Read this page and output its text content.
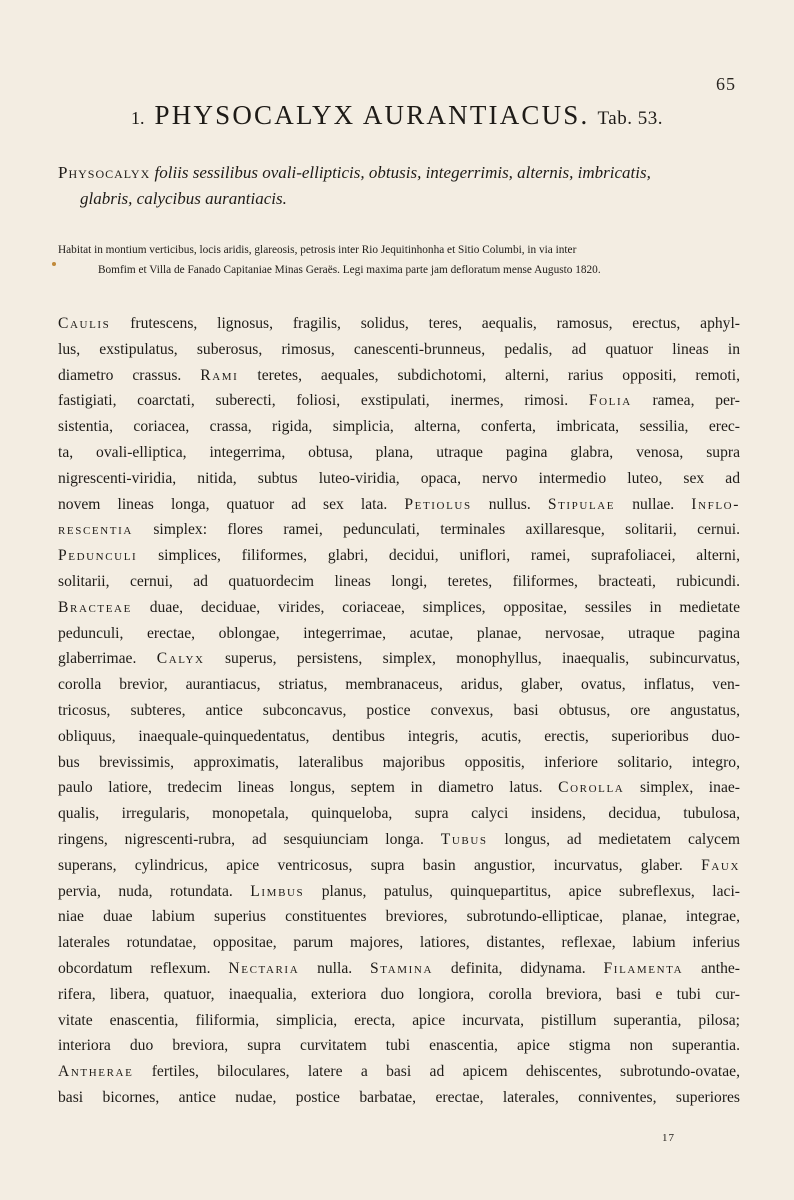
65
1. PHYSOCALYX AURANTIACUS. Tab. 53.
Physocalyx foliis sessilibus ovali-ellipticis, obtusis, integerrimis, alternis, imbricatis,
glabris, calycibus aurantiacis.
Habitat in montium verticibus, locis aridis, glareosis, petrosis inter Rio Jequitinhonha et Sitio Columbi, in via inter
Bomfim et Villa de Fanado Capitaniae Minas Geraës. Legi maxima parte jam defloratum mense Augusto 1820.
Caulis frutescens, lignosus, fragilis, solidus, teres, aequalis, ramosus, erectus, aphyl-
lus, exstipulatus, suberosus, rimosus, canescenti-brunneus, pedalis, ad quatuor lineas in
diametro crassus. Rami teretes, aequales, subdichotomi, alterni, rarius oppositi, remoti,
fastigiati, coarctati, suberecti, foliosi, exstipulati, inermes, rimosi. Folia ramea, per-
sistentia, coriacea, crassa, rigida, simplicia, alterna, conferta, imbricata, sessilia, erec-
ta, ovali-elliptica, integerrima, obtusa, plana, utraque pagina glabra, venosa, supra
nigrescenti-viridia, nitida, subtus luteo-viridia, opaca, nervo intermedio luteo, sex ad
novem lineas longa, quatuor ad sex lata. Petiolus nullus. Stipulae nullae. Inflo-
rescentia simplex: flores ramei, pedunculati, terminales axillaresque, solitarii, cernui.
Pedunculi simplices, filiformes, glabri, decidui, uniflori, ramei, suprafoliacei, alterni,
solitarii, cernui, ad quatuordecim lineas longi, teretes, filiformes, bracteati, rubicundi.
Bracteae duae, deciduae, virides, coriaceae, simplices, oppositae, sessiles in medietate
pedunculi, erectae, oblongae, integerrimae, acutae, planae, nervosae, utraque pagina
glaberrimae. Calyx superus, persistens, simplex, monophyllus, inaequalis, subincurvatus,
corolla brevior, aurantiacus, striatus, membranaceus, aridus, glaber, ovatus, inflatus, ven-
tricosus, subteres, antice subconcavus, postice convexus, basi obtusus, ore angustatus,
obliquus, inaequale-quinquedentatus, dentibus integris, acutis, erectis, superioribus duo-
bus brevissimis, approximatis, lateralibus majoribus oppositis, inferiore solitario, integro,
paulo latiore, tredecim lineas longus, septem in diametro latus. Corolla simplex, inae-
qualis, irregularis, monopetala, quinqueloba, supra calyci insidens, decidua, tubulosa,
ringens, nigrescenti-rubra, ad sesquiunciam longa. Tubus longus, ad medietatem calycem
superans, cylindricus, apice ventricosus, supra basin angustior, incurvatus, glaber. Faux
pervia, nuda, rotundata. Limbus planus, patulus, quinquepartitus, apice subreflexus, laci-
niae duae labium superius constituentes breviores, subrotundo-ellipticae, planae, integrae,
laterales rotundatae, oppositae, parum majores, latiores, distantes, reflexae, labium inferius
obcordatum reflexum. Nectaria nulla. Stamina definita, didynama. Filamenta anthe-
rifera, libera, quatuor, inaequalia, exteriora duo longiora, corolla breviora, basi e tubi cur-
vitate enascentia, filiformia, simplicia, erecta, apice incurvata, pistillum superantia, pilosa;
interiora duo breviora, supra curvitatem tubi enascentia, apice stigma non superantia.
Antherae fertiles, biloculares, latere a basi ad apicem dehiscentes, subrotundo-ovatae,
basi bicornes, antice nudae, postice barbatae, erectae, laterales, conniventes, superiores
17
